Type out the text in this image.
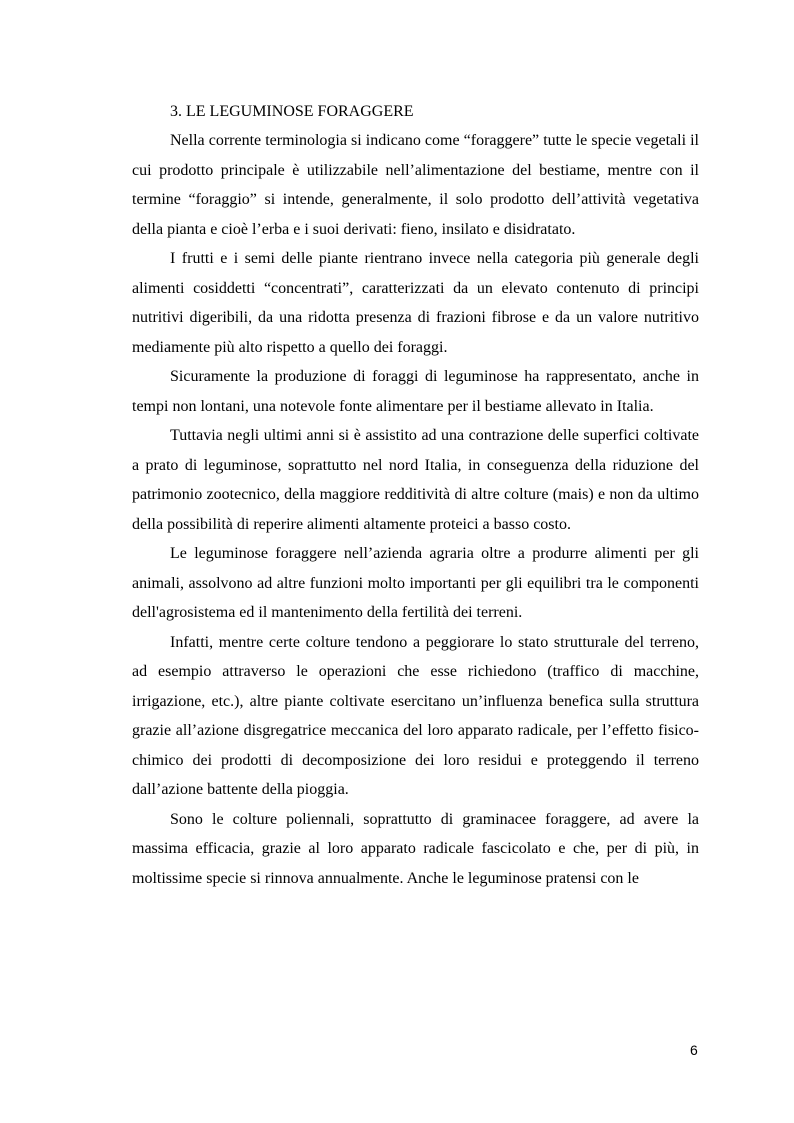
3. LE LEGUMINOSE FORAGGERE

Nella corrente terminologia si indicano come “foraggere” tutte le specie vegetali il cui prodotto principale è utilizzabile nell’alimentazione del bestiame, mentre con il termine “foraggio” si intende, generalmente, il solo prodotto dell’attività vegetativa della pianta e cioè l’erba e i suoi derivati: fieno, insilato e disidratato.

I frutti e i semi delle piante rientrano invece nella categoria più generale degli alimenti cosiddetti “concentrati”, caratterizzati da un elevato contenuto di principi nutritivi digeribili, da una ridotta presenza di frazioni fibrose e da un valore nutritivo mediamente più alto rispetto a quello dei foraggi.

Sicuramente la produzione di foraggi di leguminose ha rappresentato, anche in tempi non lontani, una notevole fonte alimentare per il bestiame allevato in Italia.

Tuttavia negli ultimi anni si è assistito ad una contrazione delle superfici coltivate a prato di leguminose, soprattutto nel nord Italia, in conseguenza della riduzione del patrimonio zootecnico, della maggiore redditività di altre colture (mais) e non da ultimo della possibilità di reperire alimenti altamente proteici a basso costo.

Le leguminose foraggere nell’azienda agraria oltre a produrre alimenti per gli animali, assolvono ad altre funzioni molto importanti per gli equilibri tra le componenti dell'agrosistema ed il mantenimento della fertilità dei terreni.

Infatti, mentre certe colture tendono a peggiorare lo stato strutturale del terreno, ad esempio attraverso le operazioni che esse richiedono (traffico di macchine, irrigazione, etc.), altre piante coltivate esercitano un’influenza benefica sulla struttura grazie all’azione disgregatrice meccanica del loro apparato radicale, per l’effetto fisico-chimico dei prodotti di decomposizione dei loro residui e proteggendo il terreno dall’azione battente della pioggia.

Sono le colture poliennali, soprattutto di graminacee foraggere, ad avere la massima efficacia, grazie al loro apparato radicale fascicolato e che, per di più, in moltissime specie si rinnova annualmente. Anche le leguminose pratensi con le

6
